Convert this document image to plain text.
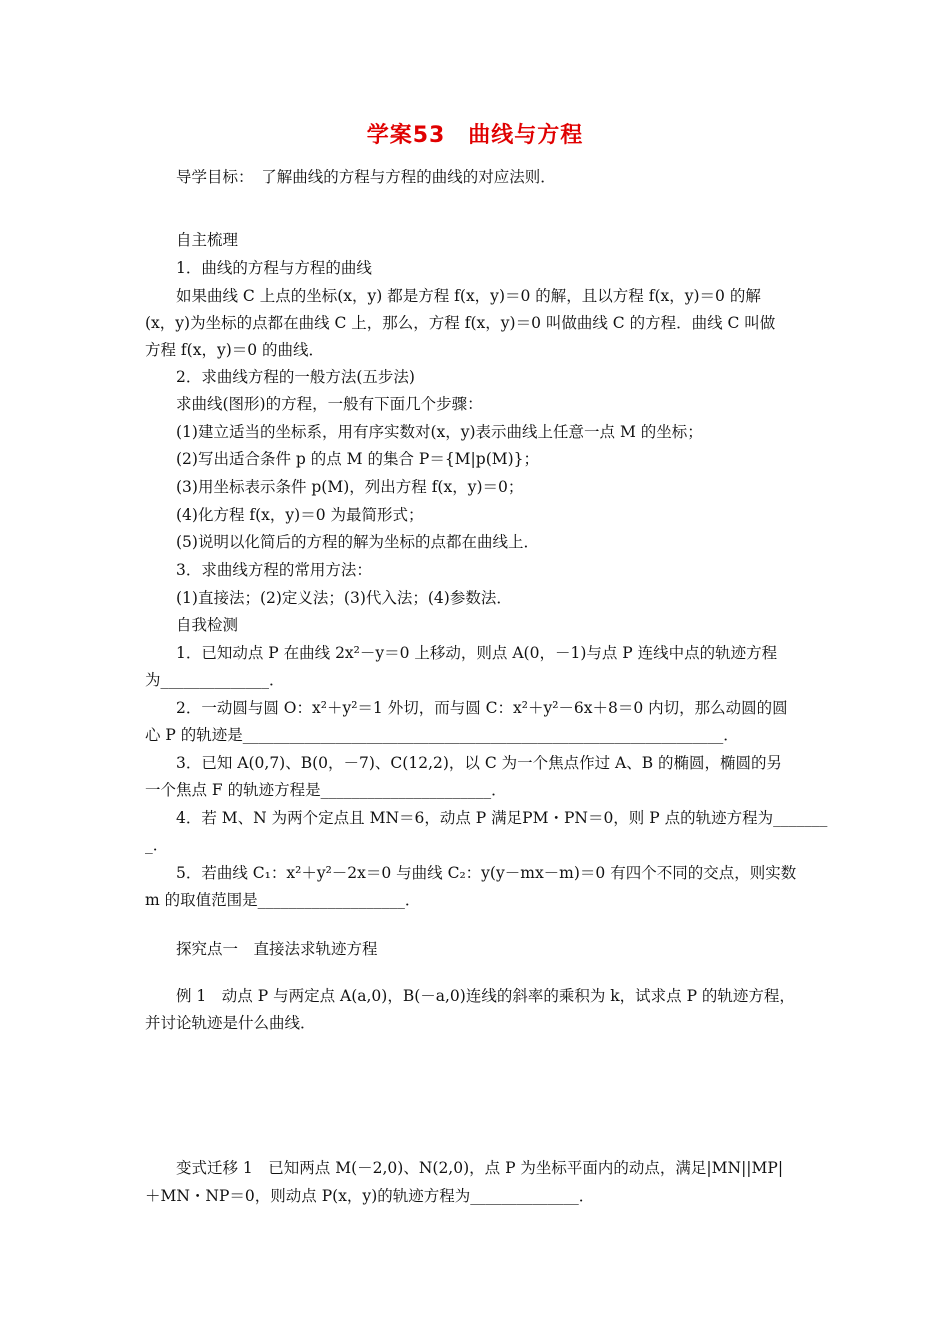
学案53　曲线与方程
导学目标：　了解曲线的方程与方程的曲线的对应法则．
自主梳理
1．曲线的方程与方程的曲线
如果曲线 C 上点的坐标(x，y) 都是方程 f(x，y)＝0 的解，且以方程 f(x，y)＝0 的解
(x，y)为坐标的点都在曲线 C 上，那么，方程 f(x，y)＝0 叫做曲线 C 的方程．曲线 C 叫做
方程 f(x，y)＝0 的曲线．
2．求曲线方程的一般方法(五步法)
求曲线(图形)的方程，一般有下面几个步骤：
(1)建立适当的坐标系，用有序实数对(x，y)表示曲线上任意一点 M 的坐标；
(2)写出适合条件 p 的点 M 的集合 P＝{M|p(M)}；
(3)用坐标表示条件 p(M)，列出方程 f(x，y)＝0；
(4)化方程 f(x，y)＝0 为最简形式；
(5)说明以化简后的方程的解为坐标的点都在曲线上．
3．求曲线方程的常用方法：
(1)直接法；(2)定义法；(3)代入法；(4)参数法．
自我检测
1．已知动点 P 在曲线 2x²－y＝0 上移动，则点 A(0，－1)与点 P 连线中点的轨迹方程
为______________．
2．一动圆与圆 O：x²＋y²＝1 外切，而与圆 C：x²＋y²－6x＋8＝0 内切，那么动圆的圆
心 P 的轨迹是______________________________________________________________．
3．已知 A(0,7)、B(0，－7)、C(12,2)，以 C 为一个焦点作过 A、B 的椭圆，椭圆的另
一个焦点 F 的轨迹方程是______________________．
4．若 M、N 为两个定点且 MN＝6，动点 P 满足PM・PN＝0，则 P 点的轨迹方程为_______
_．
5．若曲线 C₁：x²＋y²－2x＝0 与曲线 C₂：y(y－mx－m)＝0 有四个不同的交点，则实数
m 的取值范围是___________________．
探究点一　直接法求轨迹方程
例 1　动点 P 与两定点 A(a,0)，B(－a,0)连线的斜率的乘积为 k，试求点 P 的轨迹方程，
并讨论轨迹是什么曲线．
变式迁移 1　已知两点 M(－2,0)、N(2,0)，点 P 为坐标平面内的动点，满足|MN||MP|
＋MN・NP＝0，则动点 P(x，y)的轨迹方程为______________．
